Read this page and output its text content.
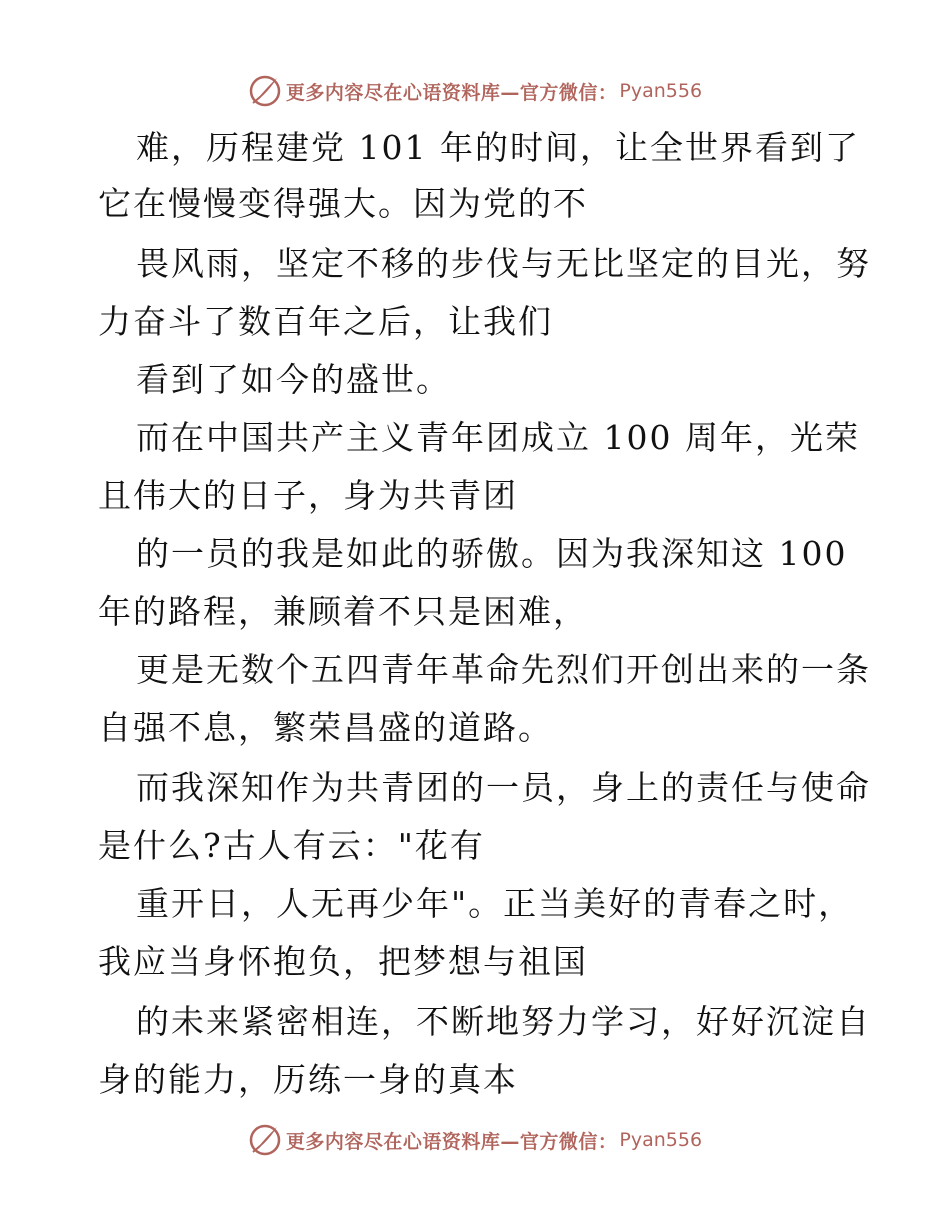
更多内容尽在心语资料库—官方微信： Pyan556
难，历程建党 101 年的时间，让全世界看到了
它在慢慢变得强大。因为党的不
畏风雨，坚定不移的步伐与无比坚定的目光，努
力奋斗了数百年之后，让我们
看到了如今的盛世。
而在中国共产主义青年团成立 100 周年，光荣
且伟大的日子，身为共青团
的一员的我是如此的骄傲。因为我深知这 100
年的路程，兼顾着不只是困难，
更是无数个五四青年革命先烈们开创出来的一条
自强不息，繁荣昌盛的道路。
而我深知作为共青团的一员，身上的责任与使命
是什么?古人有云："花有
重开日，人无再少年"。正当美好的青春之时，
我应当身怀抱负，把梦想与祖国
的未来紧密相连，不断地努力学习，好好沉淀自
身的能力，历练一身的真本
更多内容尽在心语资料库—官方微信： Pyan556
